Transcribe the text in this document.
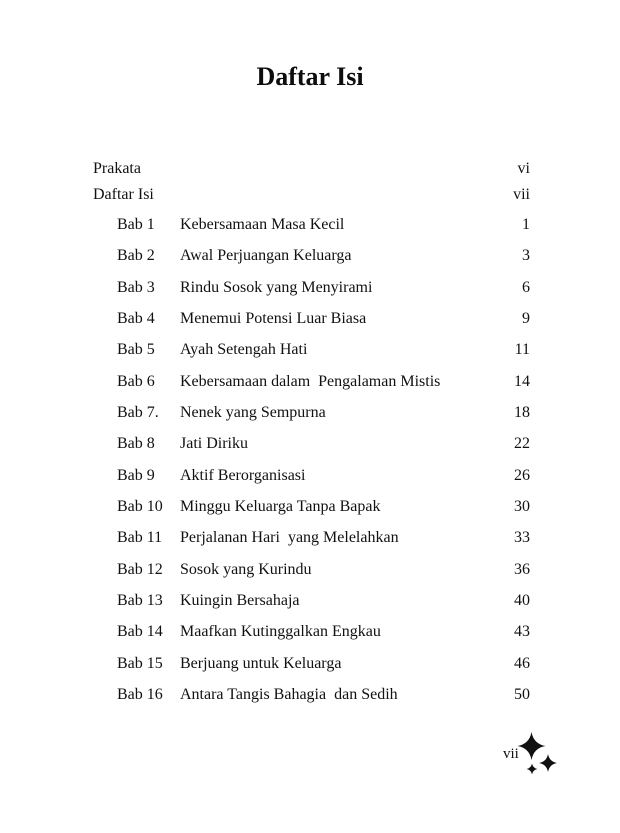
Daftar Isi
Prakata	vi
Daftar Isi	vii
Bab 1	Kebersamaan Masa Kecil	1
Bab 2	Awal Perjuangan Keluarga	3
Bab 3	Rindu Sosok yang Menyirami	6
Bab 4	Menemui Potensi Luar Biasa	9
Bab 5	Ayah Setengah Hati	11
Bab 6	Kebersamaan dalam  Pengalaman Mistis	14
Bab 7.	Nenek yang Sempurna	18
Bab 8	Jati Diriku	22
Bab 9	Aktif Berorganisasi	26
Bab 10	Minggu Keluarga Tanpa Bapak	30
Bab 11	Perjalanan Hari  yang Melelahkan	33
Bab 12	Sosok yang Kurindu	36
Bab 13	Kuingin Bersahaja	40
Bab 14	Maafkan Kutinggalkan Engkau	43
Bab 15	Berjuang untuk Keluarga	46
Bab 16	Antara Tangis Bahagia  dan Sedih	50
vii
